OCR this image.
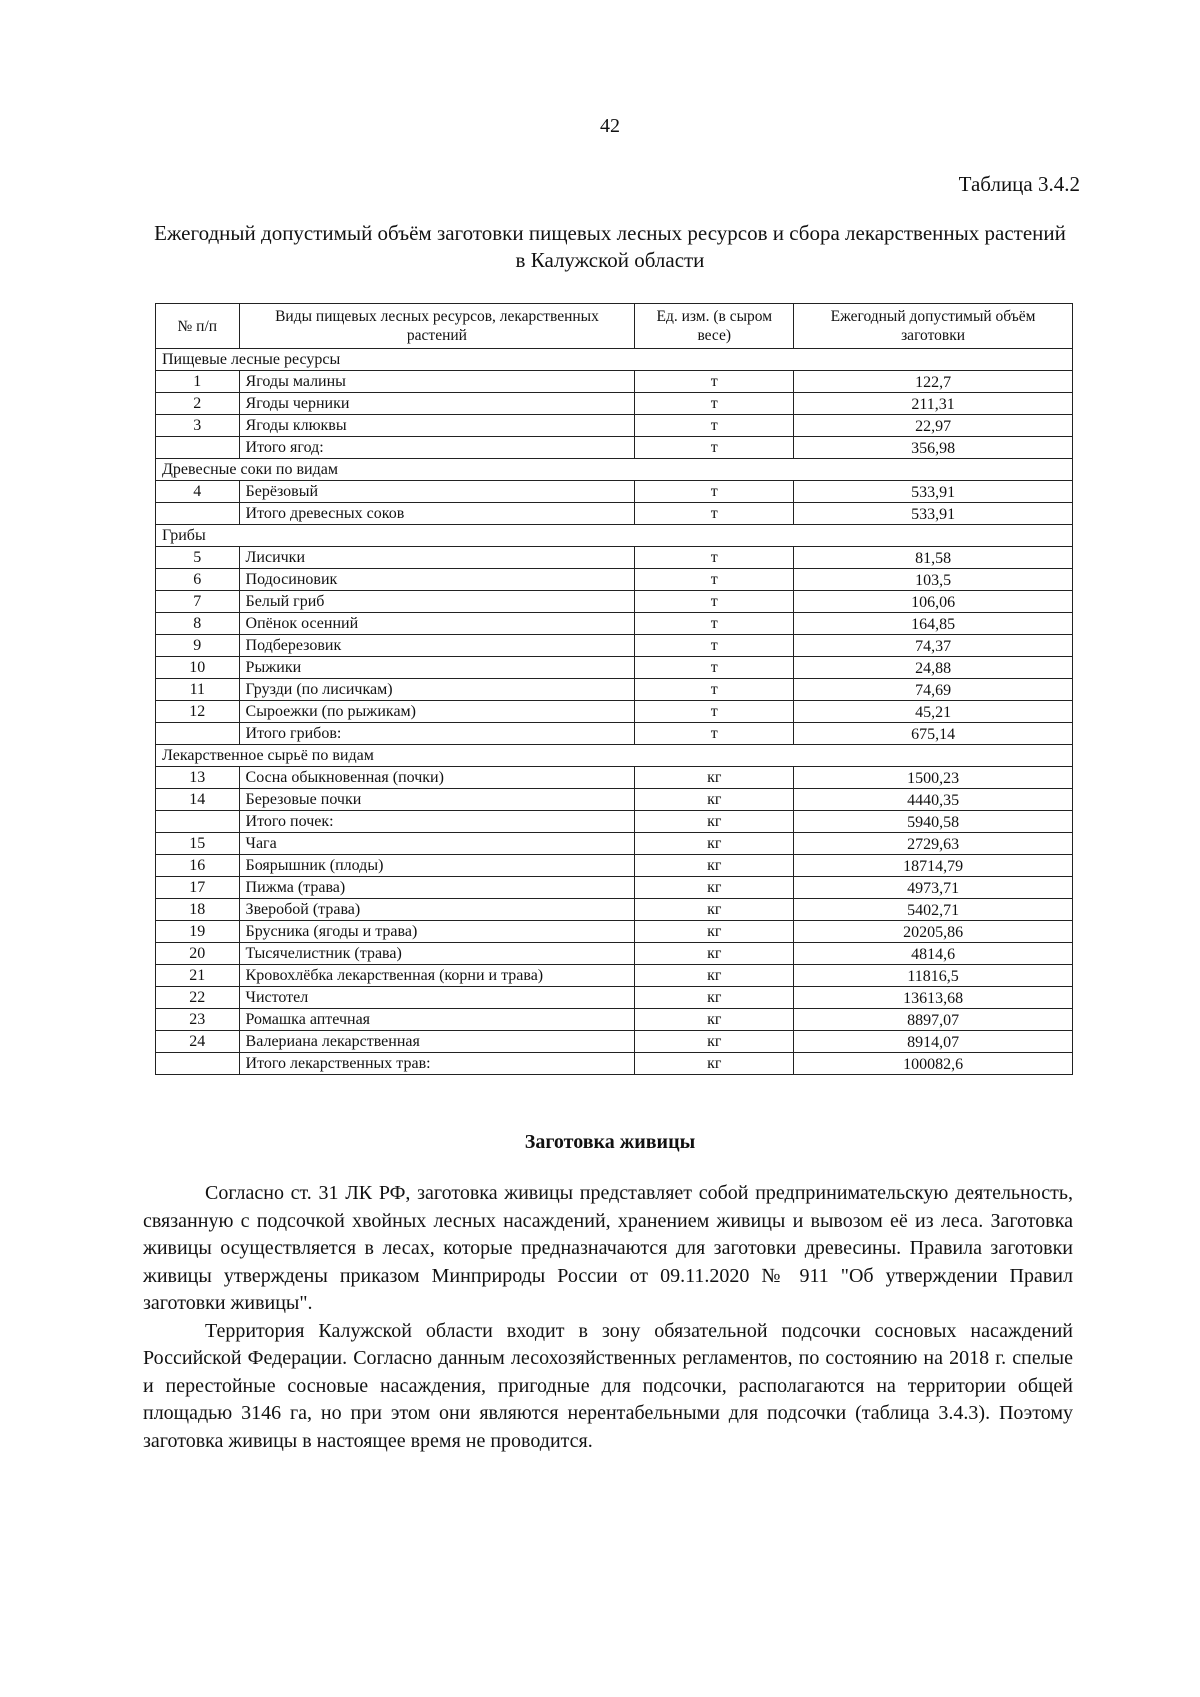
42
Таблица 3.4.2
Ежегодный допустимый объём заготовки пищевых лесных ресурсов и сбора лекарственных растений в Калужской области
№ п/п	Виды пищевых лесных ресурсов, лекарственных растений	Ед. изм. (в сыром весе)	Ежегодный допустимый объём заготовки
Пищевые лесные ресурсы			
1	Ягоды малины	т	122,7
2	Ягоды черники	т	211,31
3	Ягоды клюквы	т	22,97
	Итого ягод:	т	356,98
Древесные соки по видам			
4	Берёзовый	т	533,91
	Итого древесных соков	т	533,91
Грибы			
5	Лисички	т	81,58
6	Подосиновик	т	103,5
7	Белый гриб	т	106,06
8	Опёнок осенний	т	164,85
9	Подберезовик	т	74,37
10	Рыжики	т	24,88
11	Грузди (по лисичкам)	т	74,69
12	Сыроежки (по рыжикам)	т	45,21
	Итого грибов:	т	675,14
Лекарственное сырьё по видам			
13	Сосна обыкновенная (почки)	кг	1500,23
14	Березовые почки	кг	4440,35
	Итого почек:	кг	5940,58
15	Чага	кг	2729,63
16	Боярышник (плоды)	кг	18714,79
17	Пижма (трава)	кг	4973,71
18	Зверобой (трава)	кг	5402,71
19	Брусника (ягоды и трава)	кг	20205,86
20	Тысячелистник (трава)	кг	4814,6
21	Кровохлёбка лекарственная (корни и трава)	кг	11816,5
22	Чистотел	кг	13613,68
23	Ромашка аптечная	кг	8897,07
24	Валериана лекарственная	кг	8914,07
	Итого лекарственных трав:	кг	100082,6
Заготовка живицы

Согласно ст. 31 ЛК РФ, заготовка живицы представляет собой предпринимательскую деятельность, связанную с подсочкой хвойных лесных насаждений, хранением живицы и вывозом её из леса. Заготовка живицы осуществляется в лесах, которые предназначаются для заготовки древесины. Правила заготовки живицы утверждены приказом Минприроды России от 09.11.2020 № 911 "Об утверждении Правил заготовки живицы".

Территория Калужской области входит в зону обязательной подсочки сосновых насаждений Российской Федерации. Согласно данным лесохозяйственных регламентов, по состоянию на 2018 г. спелые и перестойные сосновые насаждения, пригодные для подсочки, располагаются на территории общей площадью 3146 га, но при этом они являются нерентабельными для подсочки (таблица 3.4.3). Поэтому заготовка живицы в настоящее время не проводится.
